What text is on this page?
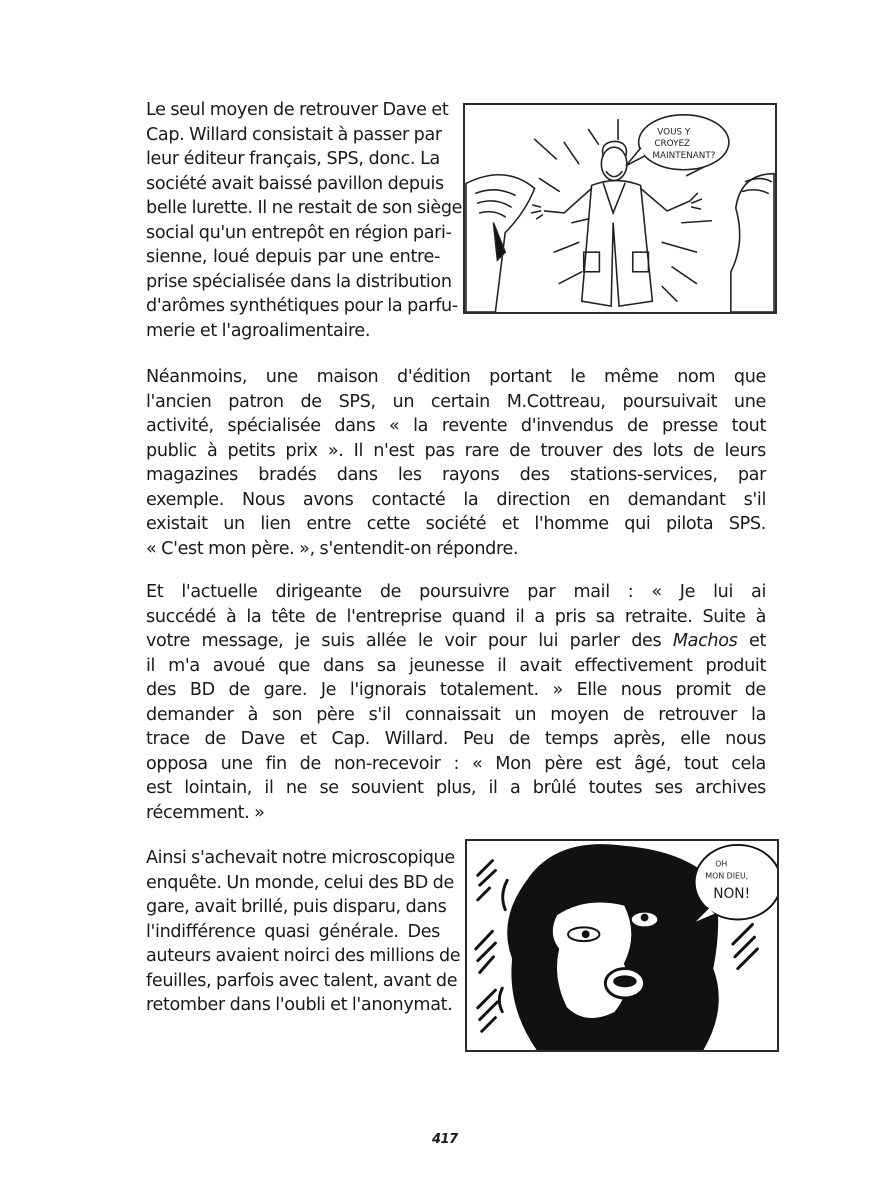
Le seul moyen de retrouver Dave et
Cap. Willard consistait à passer par
leur éditeur français, SPS, donc. La
société avait baissé pavillon depuis
belle lurette. Il ne restait de son siège
social qu'un entrepôt en région pari-
sienne, loué depuis par une entre-
prise spécialisée dans la distribution
d'arômes synthétiques pour la parfu-
merie et l'agroalimentaire.
VOUS Y
CROYEZ
MAINTENANT?
Néanmoins, une maison d'édition portant le même nom que
l'ancien patron de SPS, un certain M.Cottreau, poursuivait une
activité, spécialisée dans « la revente d'invendus de presse tout
public à petits prix ». Il n'est pas rare de trouver des lots de leurs
magazines bradés dans les rayons des stations-services, par
exemple. Nous avons contacté la direction en demandant s'il
existait un lien entre cette société et l'homme qui pilota SPS.
« C'est mon père. », s'entendit-on répondre.
Et l'actuelle dirigeante de poursuivre par mail : « Je lui ai
succédé à la tête de l'entreprise quand il a pris sa retraite. Suite à
votre message, je suis allée le voir pour lui parler des Machos et
il m'a avoué que dans sa jeunesse il avait effectivement produit
des BD de gare. Je l'ignorais totalement. » Elle nous promit de
demander à son père s'il connaissait un moyen de retrouver la
trace de Dave et Cap. Willard. Peu de temps après, elle nous
opposa une fin de non-recevoir : « Mon père est âgé, tout cela
est lointain, il ne se souvient plus, il a brûlé toutes ses archives
récemment. »
Ainsi s'achevait notre microscopique
enquête. Un monde, celui des BD de
gare, avait brillé, puis disparu, dans
l'indifférence quasi générale. Des
auteurs avaient noirci des millions de
feuilles, parfois avec talent, avant de
retomber dans l'oubli et l'anonymat.
OH
MON DIEU,
NON!
417
